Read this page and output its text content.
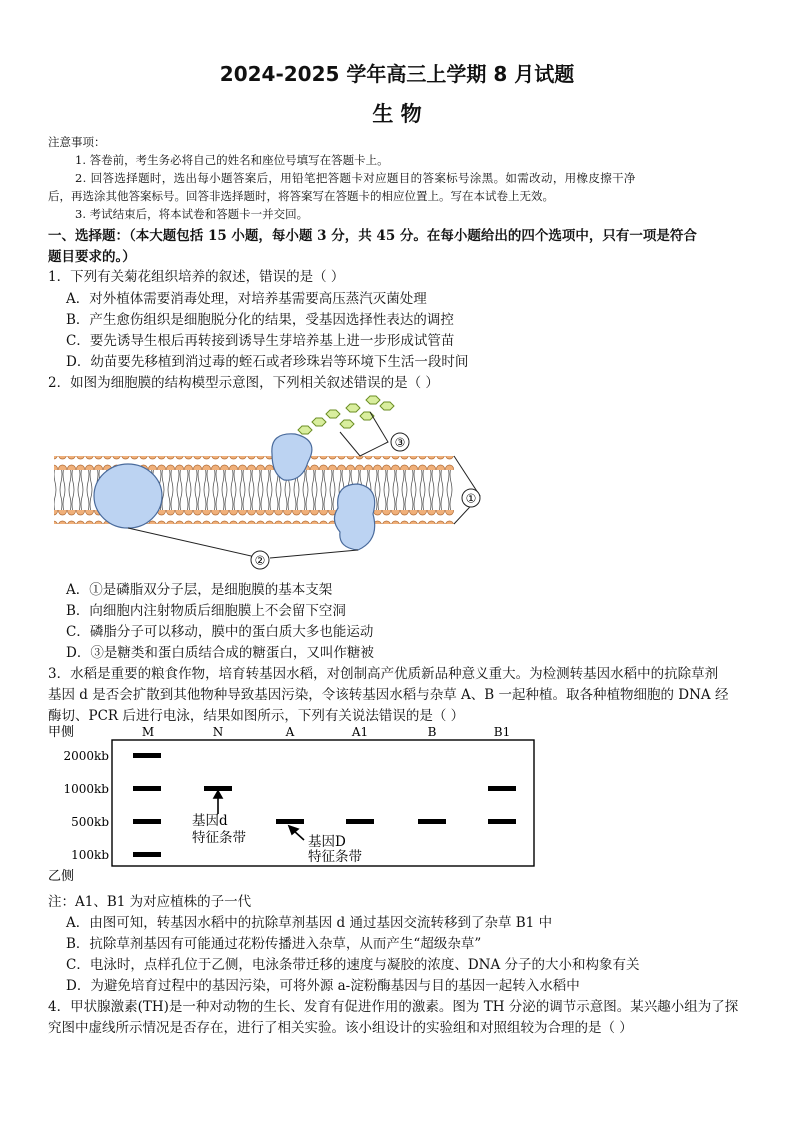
2024-2025 学年高三上学期 8 月试题
生 物
注意事项：
1. 答卷前，考生务必将自己的姓名和座位号填写在答题卡上。
2. 回答选择题时，选出每小题答案后，用铅笔把答题卡对应题目的答案标号涂黑。如需改动，用橡皮擦干净
后，再选涂其他答案标号。回答非选择题时，将答案写在答题卡的相应位置上。写在本试卷上无效。
3. 考试结束后，将本试卷和答题卡一并交回。
一、选择题：（本大题包括 15 小题，每小题 3 分，共 45 分。在每小题给出的四个选项中，只有一项是符合
题目要求的。）
1．下列有关菊花组织培养的叙述，错误的是（ ）
A．对外植体需要消毒处理，对培养基需要高压蒸汽灭菌处理
B．产生愈伤组织是细胞脱分化的结果，受基因选择性表达的调控
C．要先诱导生根后再转接到诱导生芽培养基上进一步形成试管苗
D．幼苗要先移植到消过毒的蛭石或者珍珠岩等环境下生活一段时间
2．如图为细胞膜的结构模型示意图，下列相关叙述错误的是（ ）
①
②
③
A．①是磷脂双分子层，是细胞膜的基本支架
B．向细胞内注射物质后细胞膜上不会留下空洞
C．磷脂分子可以移动，膜中的蛋白质大多也能运动
D．③是糖类和蛋白质结合成的糖蛋白，又叫作糖被
3．水稻是重要的粮食作物，培育转基因水稻，对创制高产优质新品种意义重大。为检测转基因水稻中的抗除草剂
基因 d 是否会扩散到其他物种导致基因污染，令该转基因水稻与杂草 A、B 一起种植。取各种植物细胞的 DNA 经
酶切、PCR 后进行电泳，结果如图所示，下列有关说法错误的是（ ）
甲侧
乙侧
M	N	A	A1	B	B1
2000kb
1000kb
500kb
100kb
基因d
特征条带	基因D
特征条带
注：A1、B1 为对应植株的子一代
A．由图可知，转基因水稻中的抗除草剂基因 d 通过基因交流转移到了杂草 B1 中
B．抗除草剂基因有可能通过花粉传播进入杂草，从而产生“超级杂草”
C．电泳时，点样孔位于乙侧，电泳条带迁移的速度与凝胶的浓度、DNA 分子的大小和构象有关
D．为避免培育过程中的基因污染，可将外源 a-淀粉酶基因与目的基因一起转入水稻中
4．甲状腺激素(TH)是一种对动物的生长、发育有促进作用的激素。图为 TH 分泌的调节示意图。某兴趣小组为了探
究图中虚线所示情况是否存在，进行了相关实验。该小组设计的实验组和对照组较为合理的是（ ）
